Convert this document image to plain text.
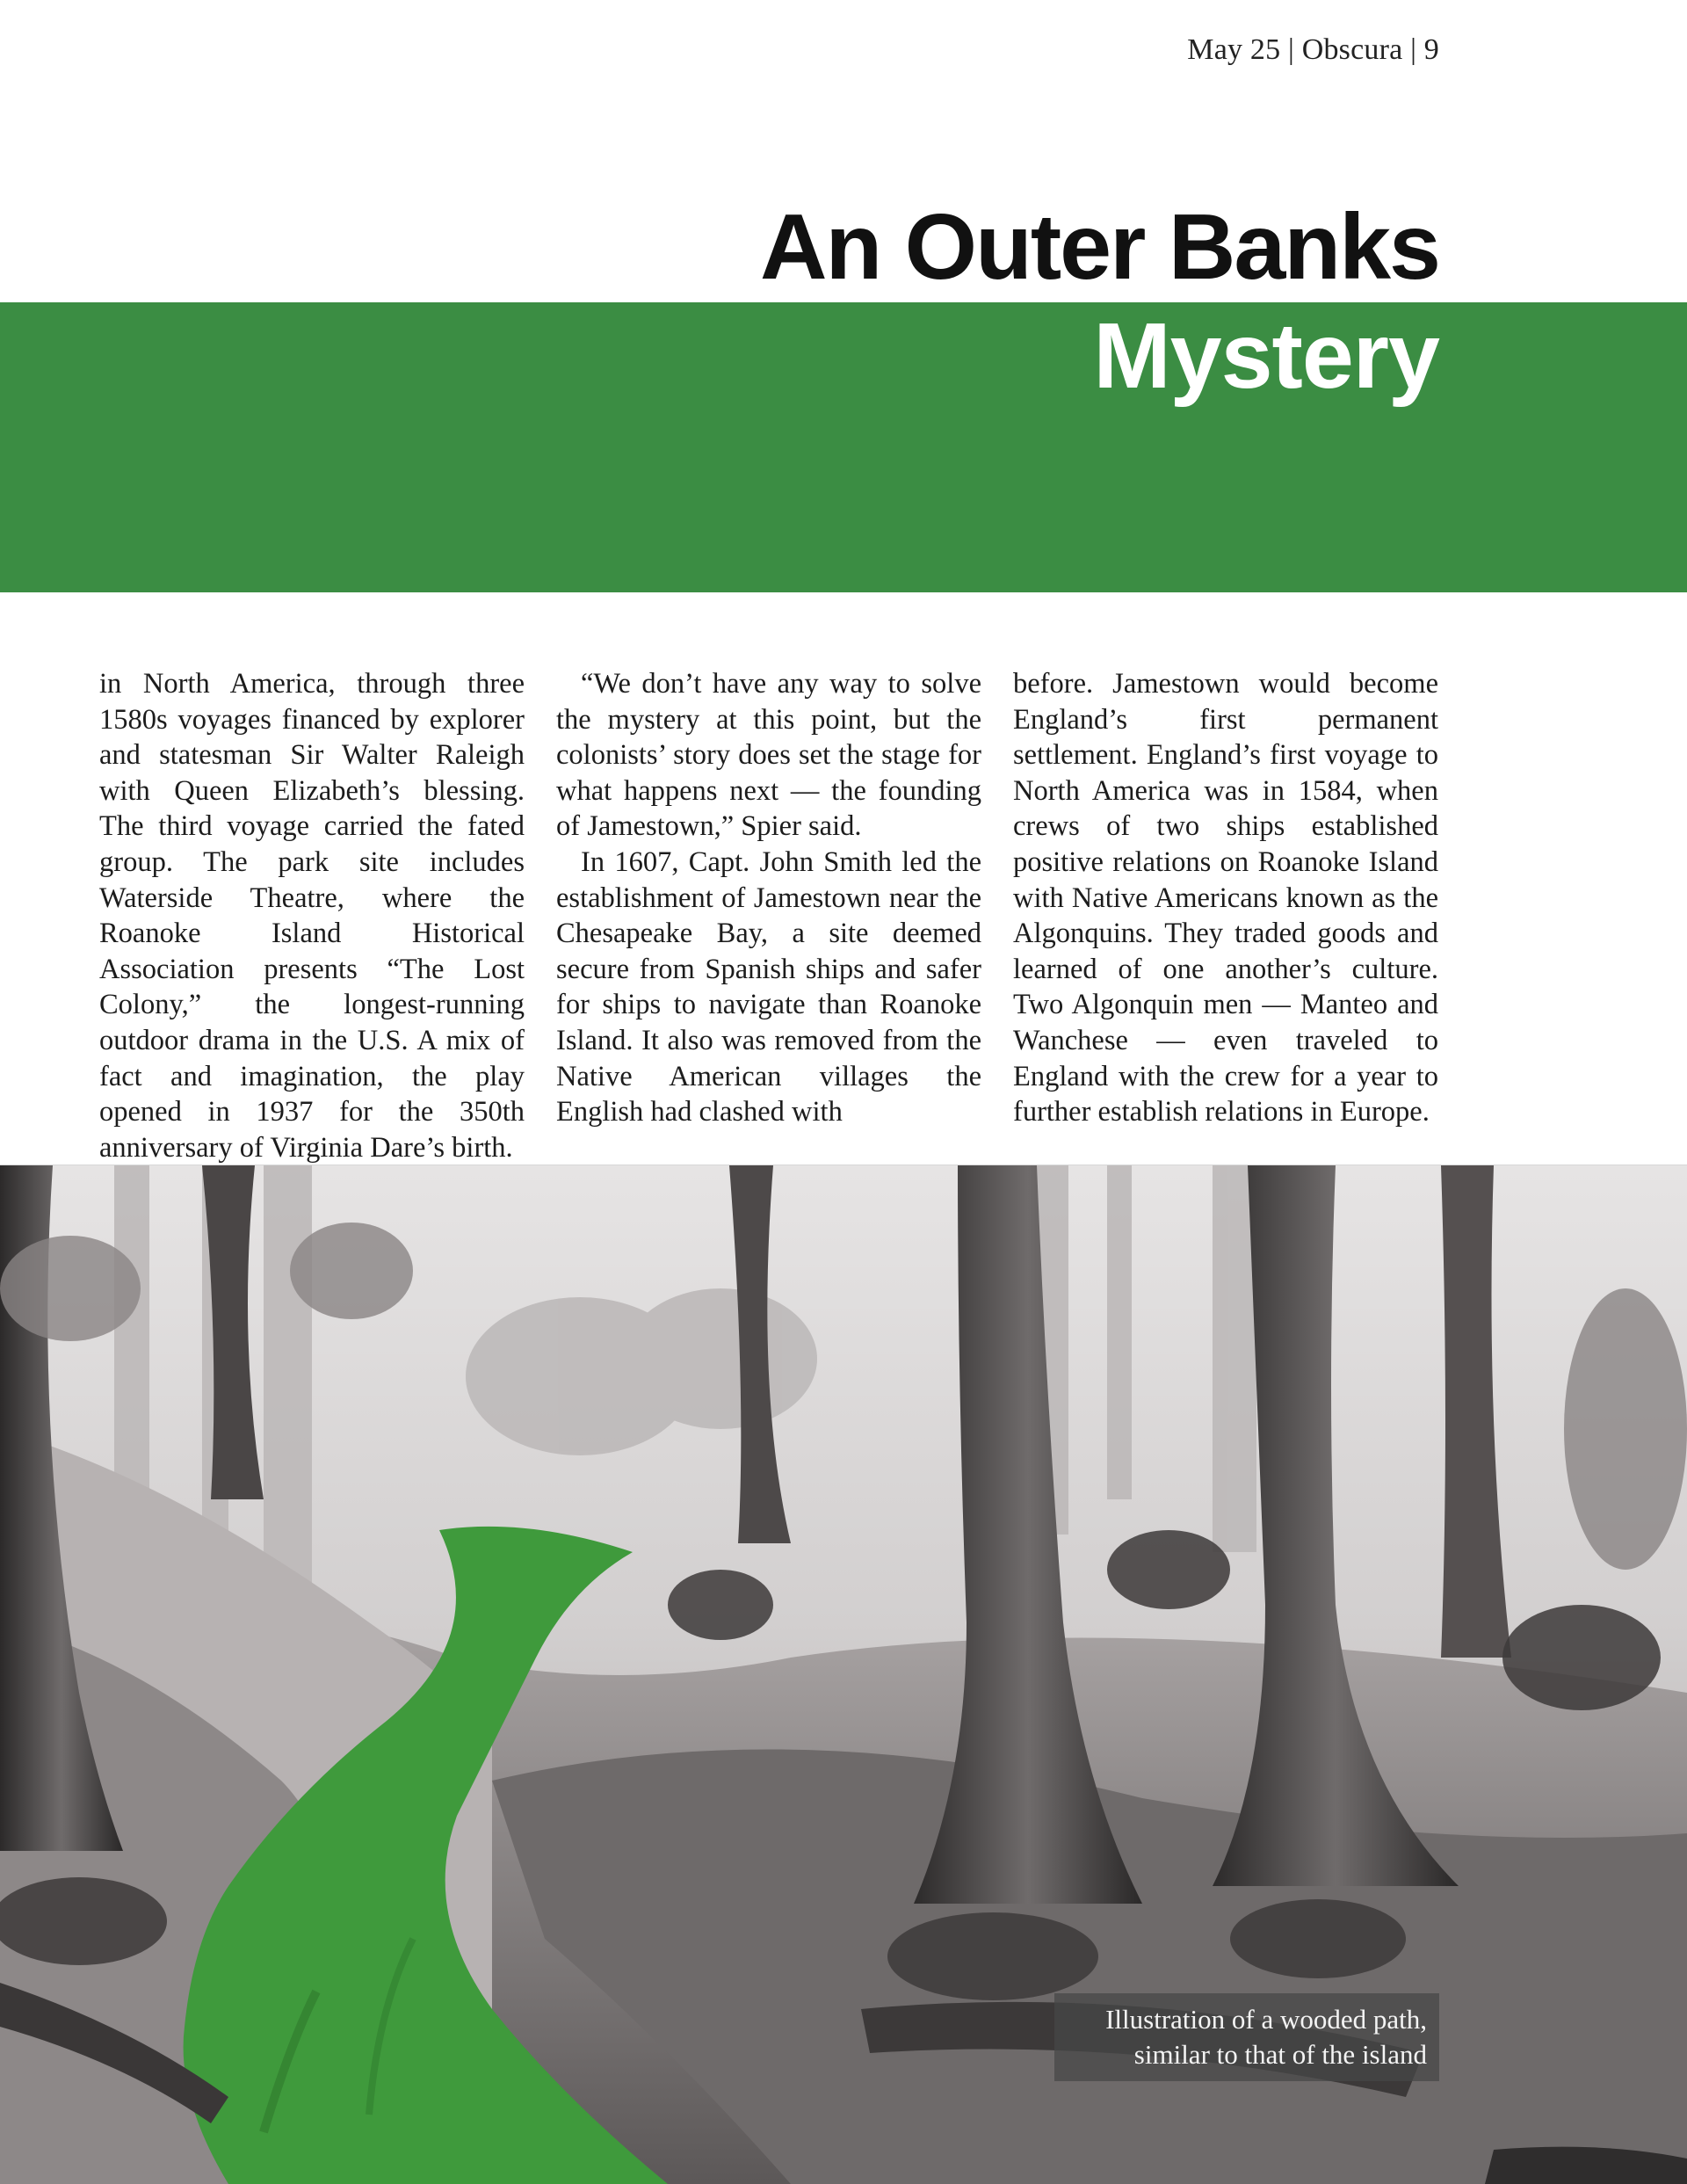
May 25 | Obscura | 9
An Outer Banks
Mystery

in North America, through three 1580s voyages financed by explorer and statesman Sir Walter Raleigh with Queen Elizabeth’s blessing. The third voyage carried the fated group. The park site includes Waterside Theatre, where the Roanoke Island Historical Association presents “The Lost Colony,” the longest-running outdoor drama in the U.S. A mix of fact and imagination, the play opened in 1937 for the 350th anniversary of Virginia Dare’s birth.

“We don’t have any way to solve the mystery at this point, but the colonists’ story does set the stage for what happens next — the founding of Jamestown,” Spier said.

In 1607, Capt. John Smith led the establishment of Jamestown near the Chesapeake Bay, a site deemed secure from Spanish ships and safer for ships to navigate than Roanoke Island. It also was removed from the Native American villages the English had clashed with

before. Jamestown would become England’s first permanent settlement. England’s first voyage to North America was in 1584, when crews of two ships established positive relations on Roanoke Island with Native Americans known as the Algonquins. They traded goods and learned of one another’s culture. Two Algonquin men — Manteo and Wanchese — even traveled to England with the crew for a year to further establish relations in Europe.

Illustration of a wooded path,
similar to that of the island
